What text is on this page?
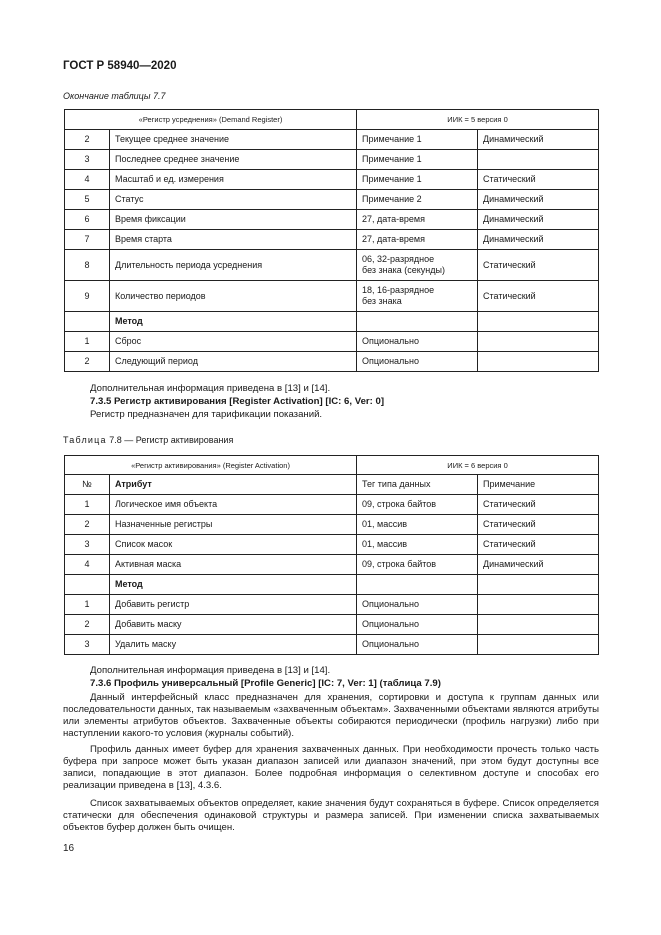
ГОСТ Р 58940—2020
Окончание таблицы 7.7
«Регистр усреднения» (Demand Register)		ИИК = 5 версия 0	
2	Текущее среднее значение	Примечание 1	Динамический
3	Последнее среднее значение	Примечание 1	
4	Масштаб и ед. измерения	Примечание 1	Статический
5	Статус	Примечание 2	Динамический
6	Время фиксации	27, дата-время	Динамический
7	Время старта	27, дата-время	Динамический
8	Длительность периода усреднения	06, 32-разрядное
без знака (секунды)	Статический
9	Количество периодов	18, 16-разрядное
без знака	Статический
	Метод		
1	Сброс	Опционально	
2	Следующий период	Опционально	
Дополнительная информация приведена в [13] и [14].
7.3.5 Регистр активирования [Register Activation] [IC: 6, Ver: 0]
Регистр предназначен для тарификации показаний.
Таблица 7.8 — Регистр активирования
«Регистр активирования» (Register Activation)		ИИК = 6 версия 0	
№	Атрибут	Тег типа данных	Примечание
1	Логическое имя объекта	09, строка байтов	Статический
2	Назначенные регистры	01, массив	Статический
3	Список масок	01, массив	Статический
4	Активная маска	09, строка байтов	Динамический
	Метод		
1	Добавить регистр	Опционально	
2	Добавить маску	Опционально	
3	Удалить маску	Опционально	
Дополнительная информация приведена в [13] и [14].
7.3.6 Профиль универсальный [Profile Generic] [IC: 7, Ver: 1] (таблица 7.9)
Данный интерфейсный класс предназначен для хранения, сортировки и доступа к группам данных или последовательности данных, так называемым «захваченным объектам». Захваченными объектами являются атрибуты или элементы атрибутов объектов. Захваченные объекты собираются периодически (профиль нагрузки) либо при наступлении какого-то условия (журналы событий).
Профиль данных имеет буфер для хранения захваченных данных. При необходимости прочесть только часть буфера при запросе может быть указан диапазон записей или диапазон значений, при этом будут доступны все записи, попадающие в этот диапазон. Более подробная информация о селективном доступе и способах его реализации приведена в [13], 4.3.6.
Список захватываемых объектов определяет, какие значения будут сохраняться в буфере. Список определяется статически для обеспечения одинаковой структуры и размера записей. При изменении списка захватываемых объектов буфер должен быть очищен.
16
